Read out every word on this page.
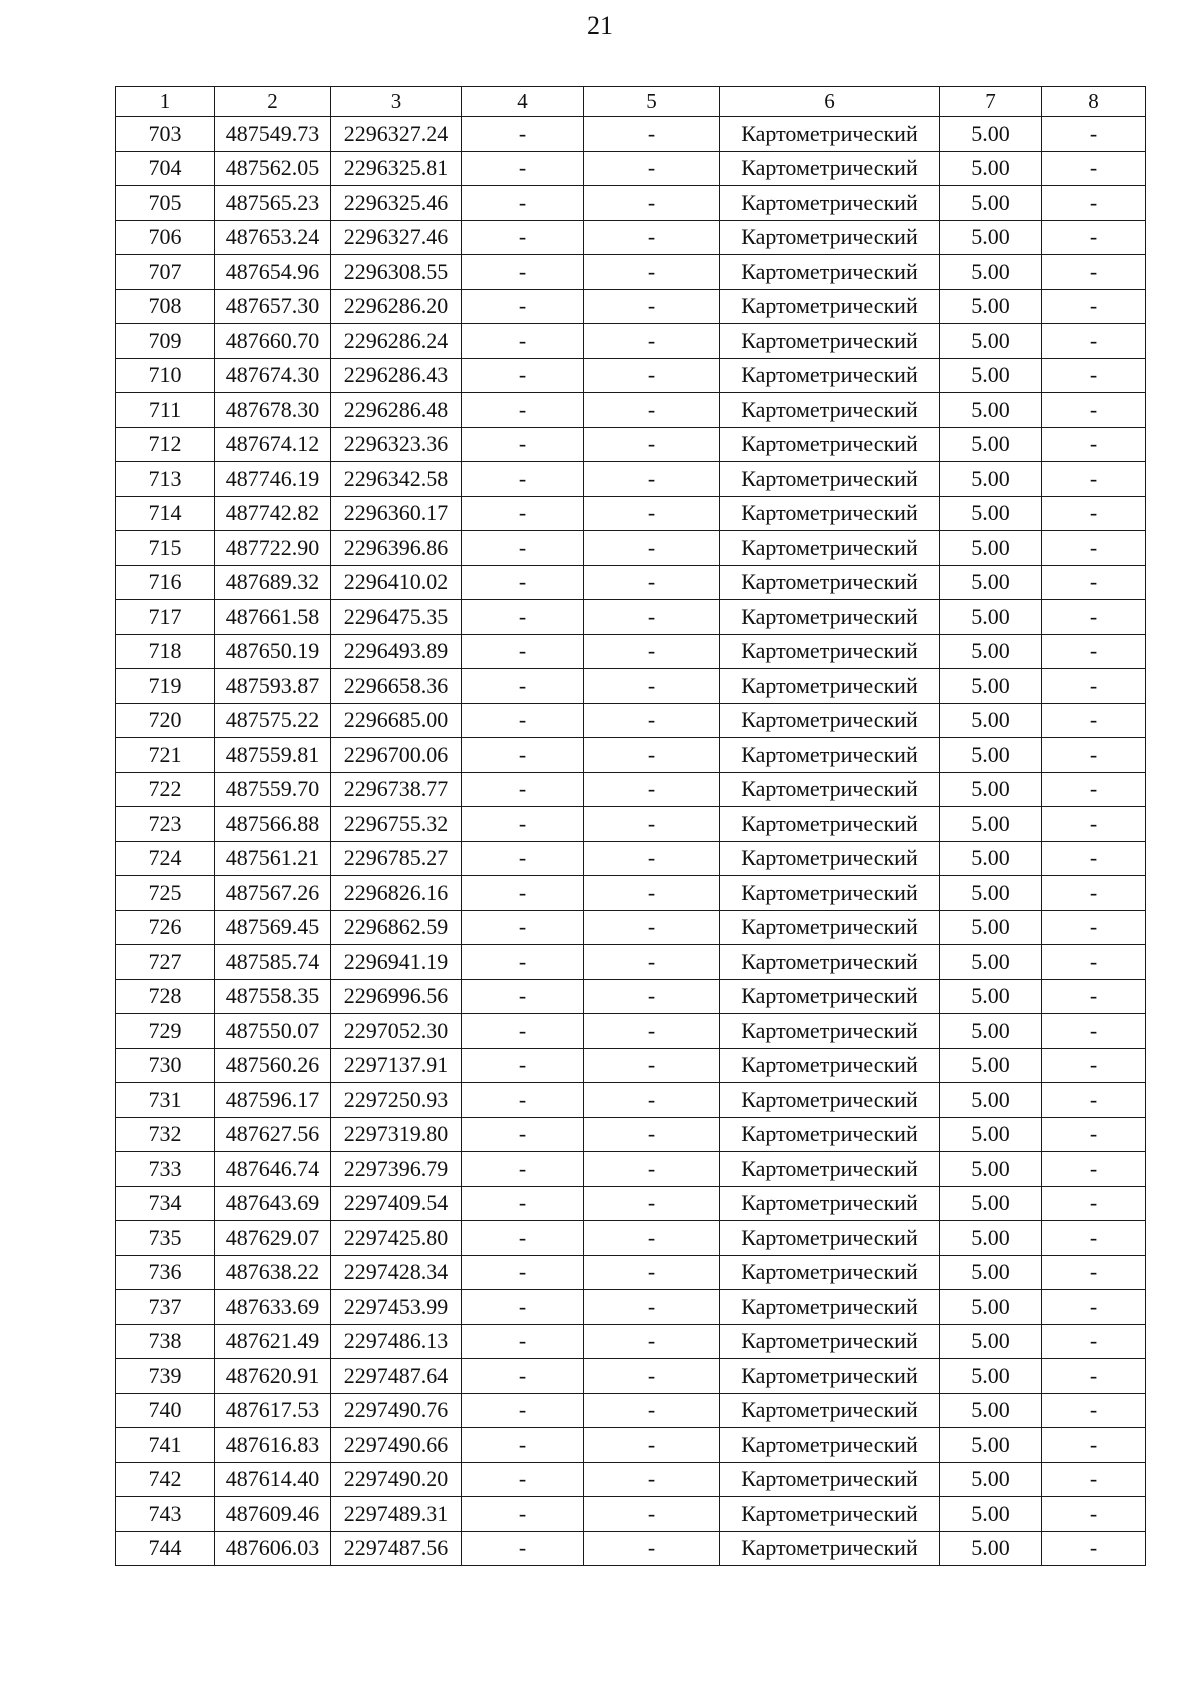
21
1	2	3	4	5	6	7	8
703	487549.73	2296327.24	-	-	Картометрический	5.00	-
704	487562.05	2296325.81	-	-	Картометрический	5.00	-
705	487565.23	2296325.46	-	-	Картометрический	5.00	-
706	487653.24	2296327.46	-	-	Картометрический	5.00	-
707	487654.96	2296308.55	-	-	Картометрический	5.00	-
708	487657.30	2296286.20	-	-	Картометрический	5.00	-
709	487660.70	2296286.24	-	-	Картометрический	5.00	-
710	487674.30	2296286.43	-	-	Картометрический	5.00	-
711	487678.30	2296286.48	-	-	Картометрический	5.00	-
712	487674.12	2296323.36	-	-	Картометрический	5.00	-
713	487746.19	2296342.58	-	-	Картометрический	5.00	-
714	487742.82	2296360.17	-	-	Картометрический	5.00	-
715	487722.90	2296396.86	-	-	Картометрический	5.00	-
716	487689.32	2296410.02	-	-	Картометрический	5.00	-
717	487661.58	2296475.35	-	-	Картометрический	5.00	-
718	487650.19	2296493.89	-	-	Картометрический	5.00	-
719	487593.87	2296658.36	-	-	Картометрический	5.00	-
720	487575.22	2296685.00	-	-	Картометрический	5.00	-
721	487559.81	2296700.06	-	-	Картометрический	5.00	-
722	487559.70	2296738.77	-	-	Картометрический	5.00	-
723	487566.88	2296755.32	-	-	Картометрический	5.00	-
724	487561.21	2296785.27	-	-	Картометрический	5.00	-
725	487567.26	2296826.16	-	-	Картометрический	5.00	-
726	487569.45	2296862.59	-	-	Картометрический	5.00	-
727	487585.74	2296941.19	-	-	Картометрический	5.00	-
728	487558.35	2296996.56	-	-	Картометрический	5.00	-
729	487550.07	2297052.30	-	-	Картометрический	5.00	-
730	487560.26	2297137.91	-	-	Картометрический	5.00	-
731	487596.17	2297250.93	-	-	Картометрический	5.00	-
732	487627.56	2297319.80	-	-	Картометрический	5.00	-
733	487646.74	2297396.79	-	-	Картометрический	5.00	-
734	487643.69	2297409.54	-	-	Картометрический	5.00	-
735	487629.07	2297425.80	-	-	Картометрический	5.00	-
736	487638.22	2297428.34	-	-	Картометрический	5.00	-
737	487633.69	2297453.99	-	-	Картометрический	5.00	-
738	487621.49	2297486.13	-	-	Картометрический	5.00	-
739	487620.91	2297487.64	-	-	Картометрический	5.00	-
740	487617.53	2297490.76	-	-	Картометрический	5.00	-
741	487616.83	2297490.66	-	-	Картометрический	5.00	-
742	487614.40	2297490.20	-	-	Картометрический	5.00	-
743	487609.46	2297489.31	-	-	Картометрический	5.00	-
744	487606.03	2297487.56	-	-	Картометрический	5.00	-
